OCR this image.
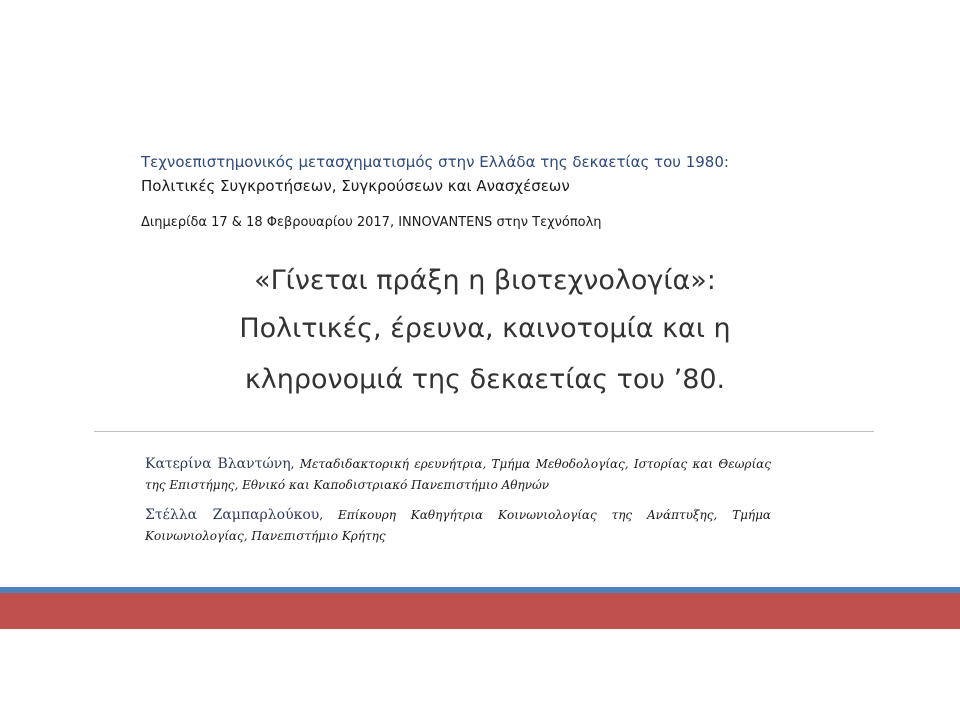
Τεχνοεπιστημονικός μετασχηματισμός στην Ελλάδα της δεκαετίας του 1980:
Πολιτικές Συγκροτήσεων, Συγκρούσεων και Ανασχέσεων
Διημερίδα 17 & 18 Φεβρουαρίου 2017, INNOVANTENS στην Τεχνόπολη
«Γίνεται πράξη η βιοτεχνολογία»:
Πολιτικές, έρευνα, καινοτομία και η
κληρονομιά της δεκαετίας του ’80.
Κατερίνα Βλαντώνη, Μεταδιδακτορική ερευνήτρια, Τμήμα Μεθοδολογίας, Ιστορίας και Θεωρίας της Επιστήμης, Εθνικό και Καποδιστριακό Πανεπιστήμιο Αθηνών
Στέλλα Ζαμπαρλούκου, Επίκουρη Καθηγήτρια Κοινωνιολογίας της Ανάπτυξης, Τμήμα Κοινωνιολογίας, Πανεπιστήμιο Κρήτης
